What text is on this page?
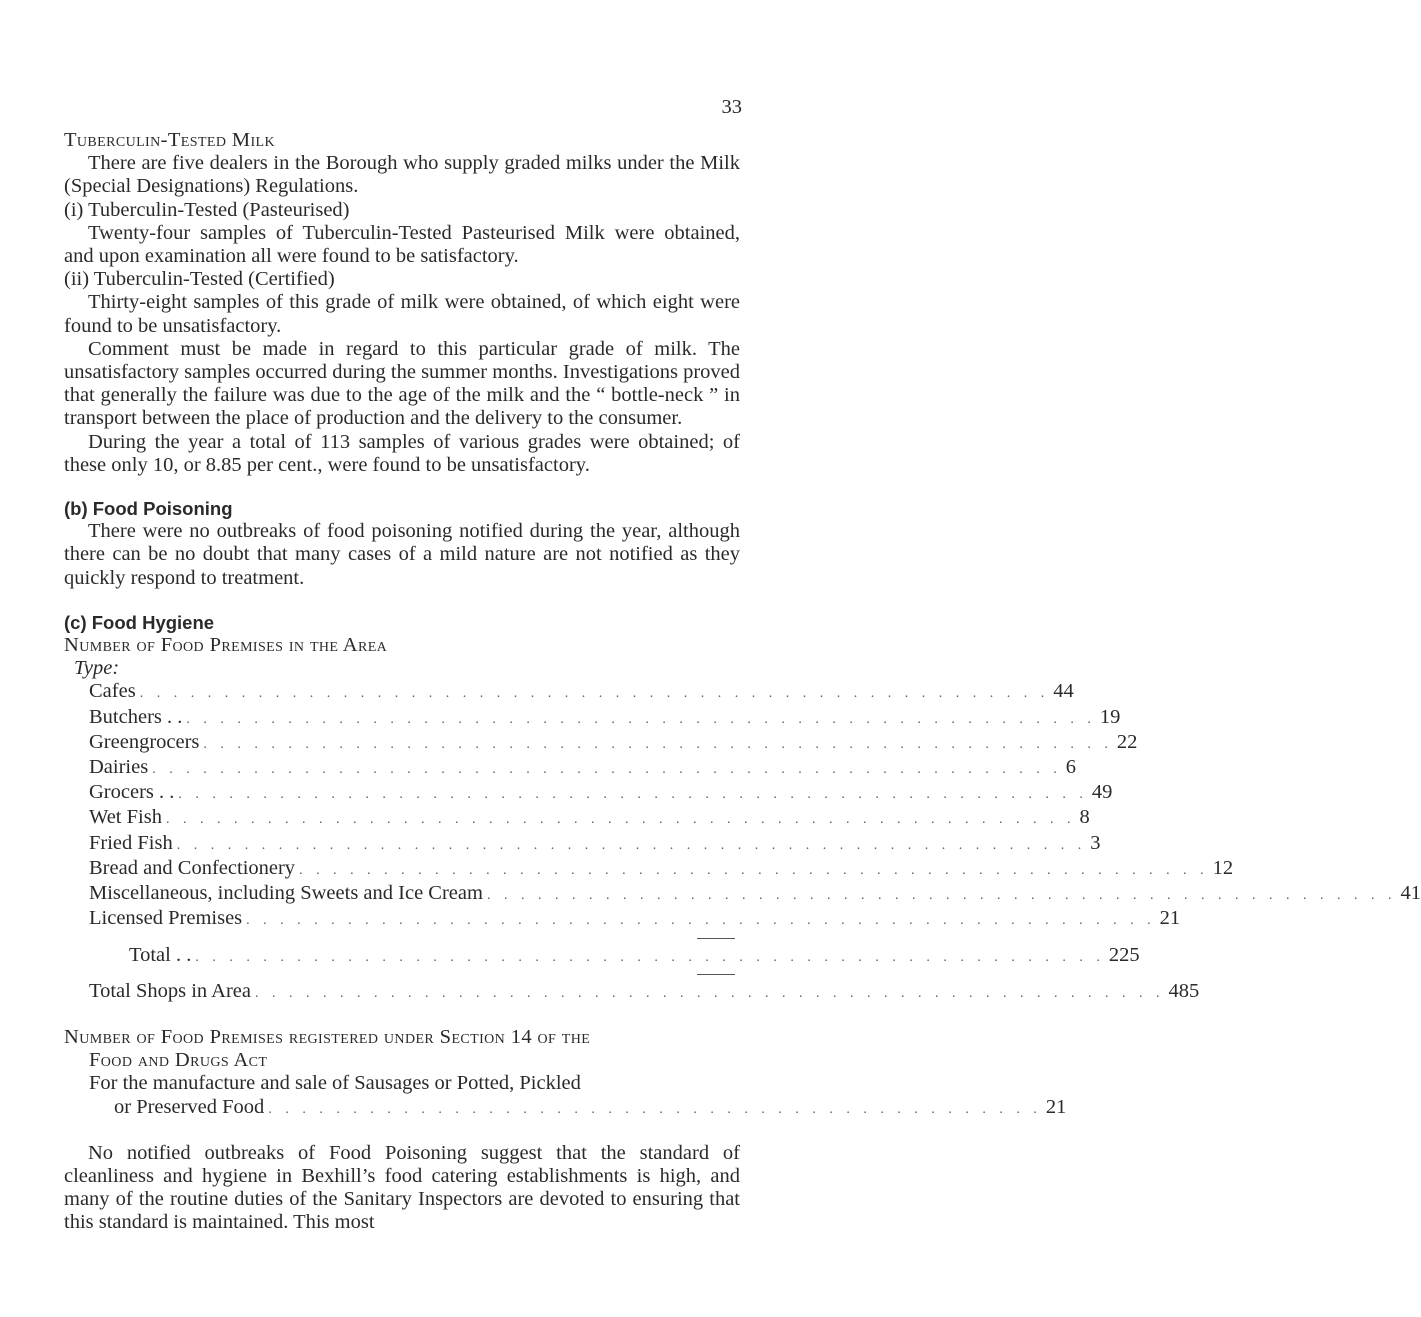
33

Tuberculin-Tested Milk

There are five dealers in the Borough who supply graded milks under the Milk (Special Designations) Regulations.

(i) Tuberculin-Tested (Pasteurised)

Twenty-four samples of Tuberculin-Tested Pasteurised Milk were obtained, and upon examination all were found to be satisfactory.

(ii) Tuberculin-Tested (Certified)

Thirty-eight samples of this grade of milk were obtained, of which eight were found to be unsatisfactory.

Comment must be made in regard to this particular grade of milk. The unsatisfactory samples occurred during the summer months. Investigations proved that generally the failure was due to the age of the milk and the “ bottle-neck ” in transport between the place of production and the delivery to the consumer.

During the year a total of 113 samples of various grades were obtained; of these only 10, or 8.85 per cent., were found to be unsatisfactory.

(b) Food Poisoning

There were no outbreaks of food poisoning notified during the year, although there can be no doubt that many cases of a mild nature are not notified as they quickly respond to treatment.

(c) Food Hygiene

Number of Food Premises in the Area

Type:

Cafes . . . . . . . . . . . . . . . . . . . . . . . . . . . . . . . . . . . . . . . . . . . . . . . . . . . . . . 44
Butchers . . . . . . . . . . . . . . . . . . . . . . . . . . . . . . . . . . . . . . . . . . . . . . . . . . . . . . . . 19
Greengrocers . . . . . . . . . . . . . . . . . . . . . . . . . . . . . . . . . . . . . . . . . . . . . . . . . . . . . . 22
Dairies . . . . . . . . . . . . . . . . . . . . . . . . . . . . . . . . . . . . . . . . . . . . . . . . . . . . . . 6
Grocers . . . . . . . . . . . . . . . . . . . . . . . . . . . . . . . . . . . . . . . . . . . . . . . . . . . . . . . . 49
Wet Fish . . . . . . . . . . . . . . . . . . . . . . . . . . . . . . . . . . . . . . . . . . . . . . . . . . . . . . 8
Fried Fish . . . . . . . . . . . . . . . . . . . . . . . . . . . . . . . . . . . . . . . . . . . . . . . . . . . . . . 3
Bread and Confectionery . . . . . . . . . . . . . . . . . . . . . . . . . . . . . . . . . . . . . . . . . . . . . . . . . . . . . . 12
Miscellaneous, including Sweets and Ice Cream . . . . . . . . . . . . . . . . . . . . . . . . . . . . . . . . . . . . . . . . . . . . . . . . . . . . . . 41
Licensed Premises . . . . . . . . . . . . . . . . . . . . . . . . . . . . . . . . . . . . . . . . . . . . . . . . . . . . . . 21
Total . . . . . . . . . . . . . . . . . . . . . . . . . . . . . . . . . . . . . . . . . . . . . . . . . . . . . . . . 225
Total Shops in Area . . . . . . . . . . . . . . . . . . . . . . . . . . . . . . . . . . . . . . . . . . . . . . . . . . . . . . 485

Number of Food Premises registered under Section 14 of the
Food and Drugs Act

For the manufacture and sale of Sausages or Potted, Pickled

or Preserved Food . . . . . . . . . . . . . . . . . . . . . . . . . . . . . . . . . . . . . . . . . . . . . . 21

No notified outbreaks of Food Poisoning suggest that the standard of cleanliness and hygiene in Bexhill’s food catering establishments is high, and many of the routine duties of the Sanitary Inspectors are devoted to ensuring that this standard is maintained. This most
